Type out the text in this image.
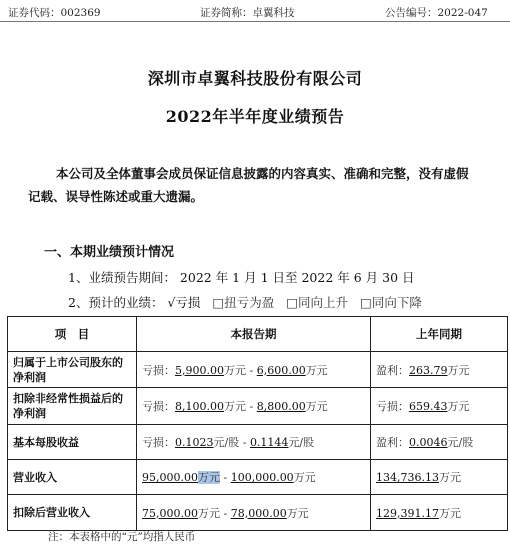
证券代码：002369	证券简称：卓翼科技	公告编号：2022-047
深圳市卓翼科技股份有限公司
2022年半年度业绩预告
本公司及全体董事会成员保证信息披露的内容真实、准确和完整，没有虚假
记载、误导性陈述或重大遗漏。
一、本期业绩预计情况
1、业绩预告期间： 2022 年 1 月 1 日至 2022 年 6 月 30 日
2、预计的业绩： √亏损 □扭亏为盈 □同向上升 □同向下降
项　目	本报告期	上年同期
归属于上市公司股东的
净利润	亏损：5,900.00万元 - 6,600.00万元	盈利：263.79万元
扣除非经常性损益后的
净利润	亏损：8,100.00万元 - 8,800.00万元	亏损：659.43万元
基本每股收益	亏损：0.1023元/股 - 0.1144元/股	盈利：0.0046元/股
营业收入	95,000.00万元 - 100,000.00万元	134,736.13万元
扣除后营业收入	75,000.00万元 - 78,000.00万元	129,391.17万元
注：本表格中的“元”均指人民币
